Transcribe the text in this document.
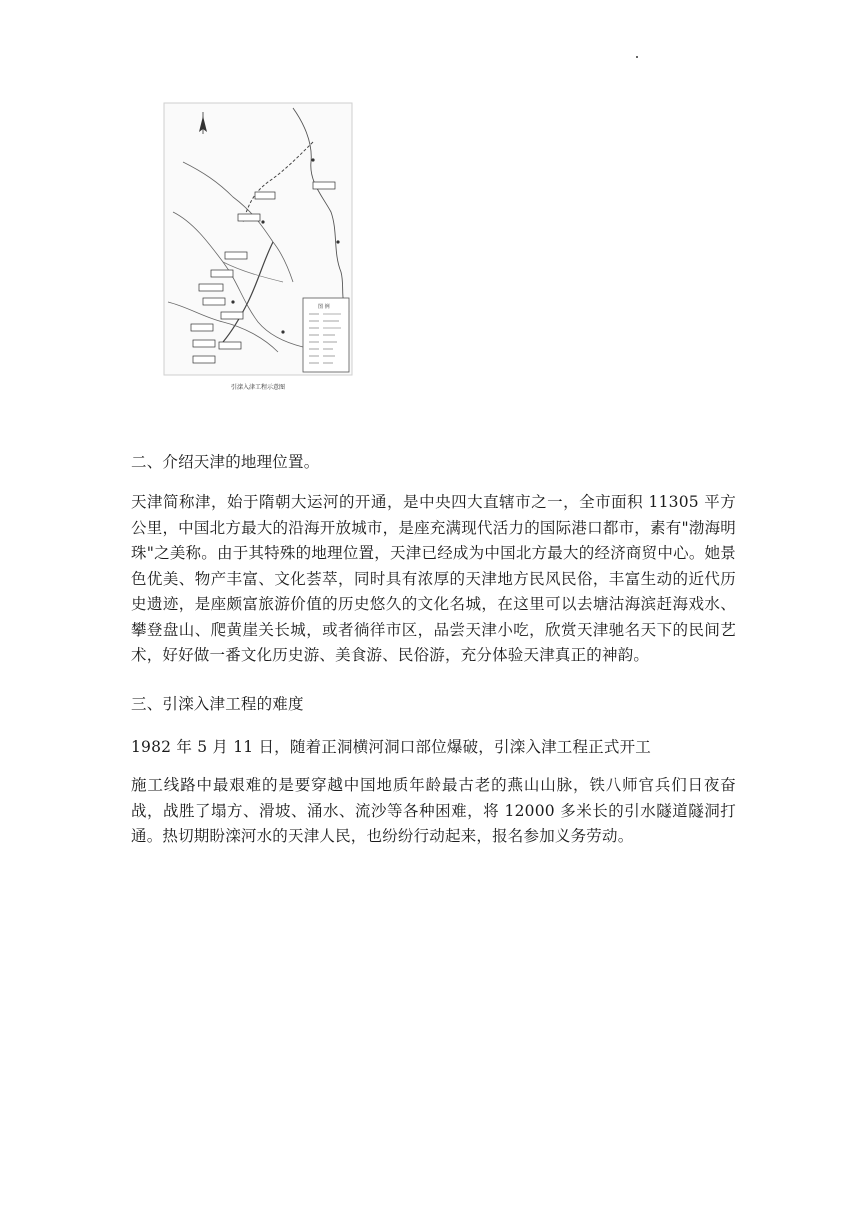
图 例
引滦入津工程示意图

二、介绍天津的地理位置。

天津简称津，始于隋朝大运河的开通，是中央四大直辖市之一，全市面积 11305 平方公里，中国北方最大的沿海开放城市，是座充满现代活力的国际港口都市，素有"渤海明珠"之美称。由于其特殊的地理位置，天津已经成为中国北方最大的经济商贸中心。她景色优美、物产丰富、文化荟萃，同时具有浓厚的天津地方民风民俗，丰富生动的近代历史遗迹，是座颇富旅游价值的历史悠久的文化名城，在这里可以去塘沽海滨赶海戏水、攀登盘山、爬黄崖关长城，或者徜徉市区，品尝天津小吃，欣赏天津驰名天下的民间艺术，好好做一番文化历史游、美食游、民俗游，充分体验天津真正的神韵。

三、引滦入津工程的难度

1982 年 5 月 11 日，随着正洞横河洞口部位爆破，引滦入津工程正式开工

施工线路中最艰难的是要穿越中国地质年龄最古老的燕山山脉，铁八师官兵们日夜奋战，战胜了塌方、滑坡、涌水、流沙等各种困难，将 12000 多米长的引水隧道隧洞打通。热切期盼滦河水的天津人民，也纷纷行动起来，报名参加义务劳动。
